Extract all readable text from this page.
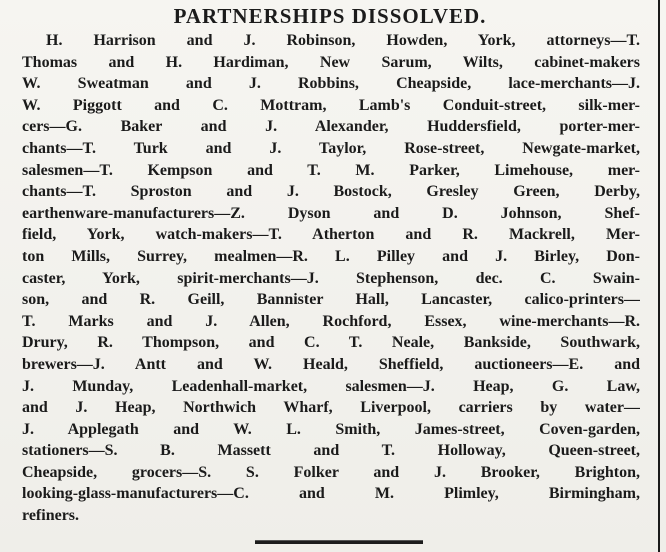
PARTNERSHIPS DISSOLVED.
H. Harrison and J. Robinson, Howden, York, attorneys—T.
Thomas and H. Hardiman, New Sarum, Wilts, cabinet-makers
W. Sweatman and J. Robbins, Cheapside, lace-merchants—J.
W. Piggott and C. Mottram, Lamb's Conduit-street, silk-mer-
cers—G. Baker and J. Alexander, Huddersfield, porter-mer-
chants—T. Turk and J. Taylor, Rose-street, Newgate-market,
salesmen—T. Kempson and T. M. Parker, Limehouse, mer-
chants—T. Sproston and J. Bostock, Gresley Green, Derby,
earthenware-manufacturers—Z. Dyson and D. Johnson, Shef-
field, York, watch-makers—T. Atherton and R. Mackrell, Mer-
ton Mills, Surrey, mealmen—R. L. Pilley and J. Birley, Don-
caster, York, spirit-merchants—J. Stephenson, dec. C. Swain-
son, and R. Geill, Bannister Hall, Lancaster, calico-printers—
T. Marks and J. Allen, Rochford, Essex, wine-merchants—R.
Drury, R. Thompson, and C. T. Neale, Bankside, Southwark,
brewers—J. Antt and W. Heald, Sheffield, auctioneers—E. and
J. Munday, Leadenhall-market, salesmen—J. Heap, G. Law,
and J. Heap, Northwich Wharf, Liverpool, carriers by water—
J. Applegath and W. L. Smith, James-street, Coven-garden,
stationers—S. B. Massett and T. Holloway, Queen-street,
Cheapside, grocers—S. S. Folker and J. Brooker, Brighton,
looking-glass-manufacturers—C. and M. Plimley, Birmingham,
refiners.
